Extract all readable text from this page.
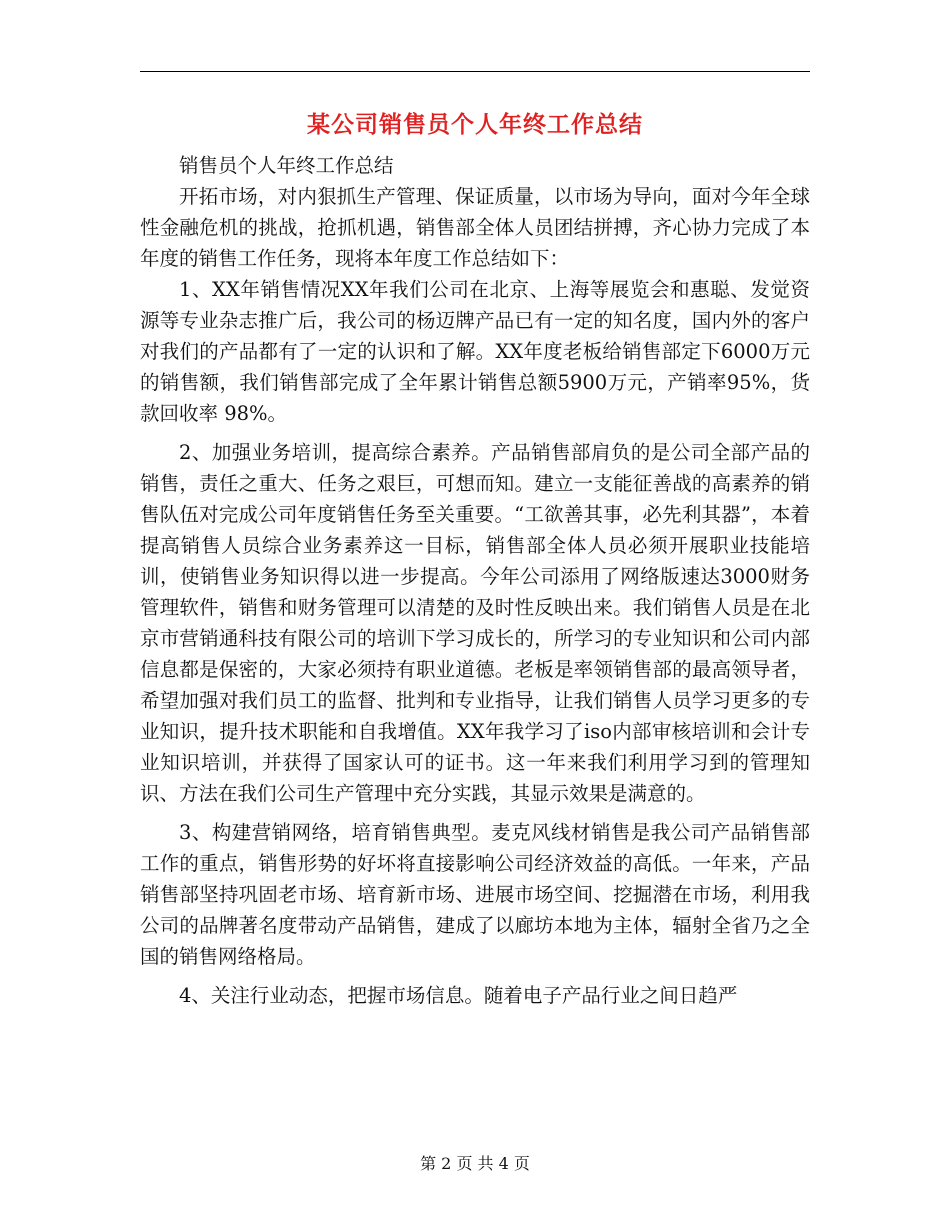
某公司销售员个人年终工作总结

销售员个人年终工作总结

开拓市场，对内狠抓生产管理、保证质量，以市场为导向，面对今年全球性金融危机的挑战，抢抓机遇，销售部全体人员团结拼搏，齐心协力完成了本年度的销售工作任务，现将本年度工作总结如下：

1、XX年销售情况XX年我们公司在北京、上海等展览会和惠聪、发觉资源等专业杂志推广后，我公司的杨迈牌产品已有一定的知名度，国内外的客户对我们的产品都有了一定的认识和了解。XX年度老板给销售部定下6000万元的销售额，我们销售部完成了全年累计销售总额5900万元，产销率95%，货款回收率 98%。

2、加强业务培训，提高综合素养。产品销售部肩负的是公司全部产品的销售，责任之重大、任务之艰巨，可想而知。建立一支能征善战的高素养的销售队伍对完成公司年度销售任务至关重要。“工欲善其事，必先利其器”，本着提高销售人员综合业务素养这一目标，销售部全体人员必须开展职业技能培训，使销售业务知识得以进一步提高。今年公司添用了网络版速达3000财务管理软件，销售和财务管理可以清楚的及时性反映出来。我们销售人员是在北京市营销通科技有限公司的培训下学习成长的，所学习的专业知识和公司内部信息都是保密的，大家必须持有职业道德。老板是率领销售部的最高领导者，希望加强对我们员工的监督、批判和专业指导，让我们销售人员学习更多的专业知识，提升技术职能和自我增值。XX年我学习了iso内部审核培训和会计专业知识培训，并获得了国家认可的证书。这一年来我们利用学习到的管理知识、方法在我们公司生产管理中充分实践，其显示效果是满意的。

3、构建营销网络，培育销售典型。麦克风线材销售是我公司产品销售部工作的重点，销售形势的好坏将直接影响公司经济效益的高低。一年来，产品销售部坚持巩固老市场、培育新市场、进展市场空间、挖掘潜在市场，利用我公司的品牌著名度带动产品销售，建成了以廊坊本地为主体，辐射全省乃之全国的销售网络格局。

4、关注行业动态，把握市场信息。随着电子产品行业之间日趋严

第 2 页 共 4 页
